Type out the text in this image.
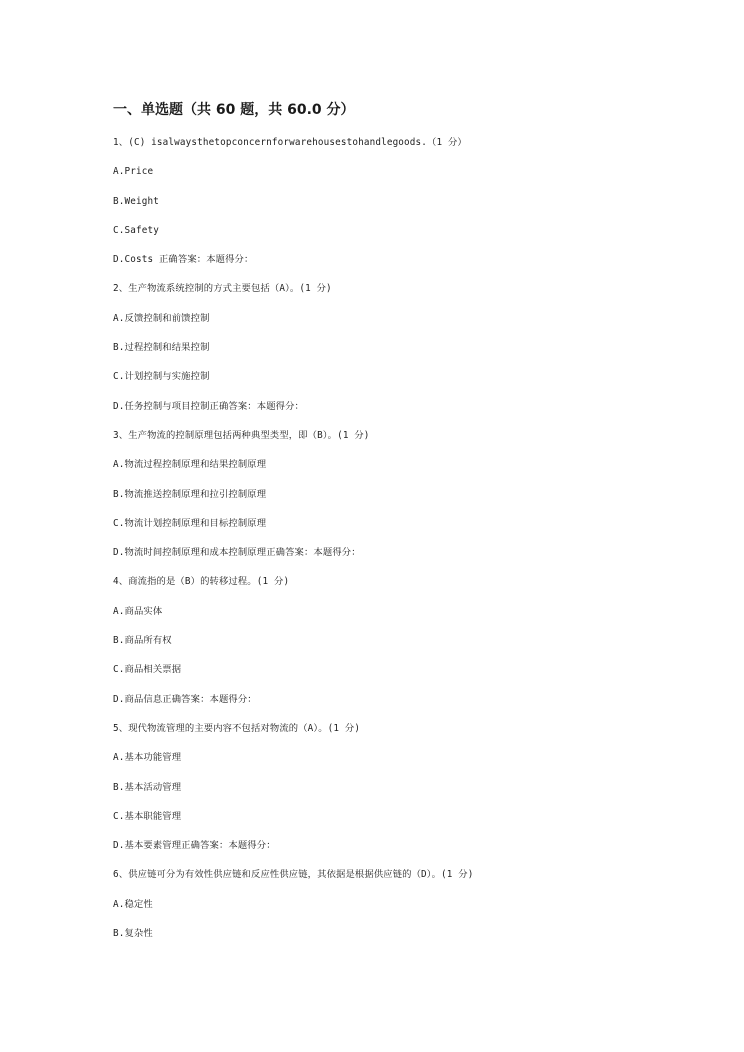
一、单选题（共 60 题，共 60.0 分）
1、(C) isalwaysthetopconcernforwarehousestohandlegoods.（1 分）
A.Price
B.Weight
C.Safety
D.Costs 正确答案：本题得分：
2、生产物流系统控制的方式主要包括（A）。(1 分)
A.反馈控制和前馈控制
B.过程控制和结果控制
C.计划控制与实施控制
D.任务控制与项目控制正确答案：本题得分：
3、生产物流的控制原理包括两种典型类型，即（B）。(1 分)
A.物流过程控制原理和结果控制原理
B.物流推送控制原理和拉引控制原理
C.物流计划控制原理和目标控制原理
D.物流时间控制原理和成本控制原理正确答案：本题得分：
4、商流指的是（B）的转移过程。(1 分)
A.商品实体
B.商品所有权
C.商品相关票据
D.商品信息正确答案：本题得分：
5、现代物流管理的主要内容不包括对物流的（A）。(1 分)
A.基本功能管理
B.基本活动管理
C.基本职能管理
D.基本要素管理正确答案：本题得分：
6、供应链可分为有效性供应链和反应性供应链，其依据是根据供应链的（D）。(1 分)
A.稳定性
B.复杂性
